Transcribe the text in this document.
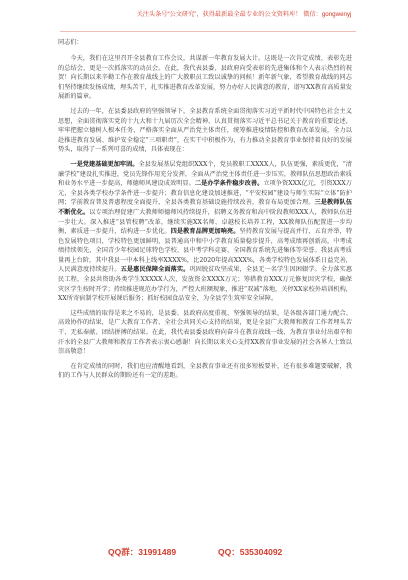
关注头条号“公文研究”，获得最新最全最专业的公文资料库！ 微信：gongwenyj
同志们：

今天，我们在这里召开全县教育工作会议，共谋新一年教育发展大计。这既是一次肯定成绩、表彰先进的总结会，更是一次抓落实的动员会。在此，我代表县委、县政府向受表彰的先进集体和个人表示热烈的祝贺！向长期以来辛勤工作在教育战线上的广大教职员工致以诚挚的问候！新年新气象，希望教育战线的同志们坚持继续发扬成绩，埋头苦干，扎实推进教育改革发展，努力办好人民满意的教育，谱写XX教育高质量发展新的篇章。

过去的一年，在县委县政府的坚强领导下，全县教育系统全面贯彻落实习近平新时代中国特色社会主义思想，全面贯彻落实党的十九大和十九届历次全会精神，认真贯彻落实习近平总书记关于教育的重要论述，牢牢把握立德树人根本任务，严格落实全面从严治党主体责任，统筹推进疫情防控和教育改革发展，全力以赴推进教育发展、维护安全稳定“三项职责”，在实干中积极作为，有力推动全县教育事业保持着良好的发展势头，取得了一系列可喜的成绩，具体表现在：

一是党建基础更加牢固。全县发展基层党组织XXX个，党员教职工XXXX人，队伍更强，素质更优，“清廉学校”建设扎实推进，党员先锋作用充分发挥，全面从严治党主体责任进一步压实，教师队伍思想政治素质和业务水平进一步提高，师德师风建设成效明显。二是办学条件稳步改善。立项争资XXX亿元，引资XXX万元，全县各类学校办学条件进一步提升；教育信息化建设加速推进，“平安校园”建设与师生实际“立体”防护网；学前教育普及普惠程度全面提升，全县各类教育基础设施持续改善，教育布局更加合理。三是教师队伍不断优化。以专项治理促建广大教师师德师风持续提升，招聘义务教育和高中阶段教师XXX人，教师队伍进一步壮大。深入推进“县管校聘”改革，继续实施XX名师、卓越校长培养工程，XX教师队伍配置进一步均衡，素质进一步提升，结构进一步优化。四是教育品牌更加响亮。坚持教育发展与提高并行，五育并举，特色发展特色项目，学校特色更加鲜明，县普通高中和中小学教育质量稳步提升，高考成绩再创新高，中考成绩持续领先，全国青少年校园足球特色学校、县中考学科竞赛、全国教育系统先进集体等荣誉。我县高考质量再上台阶，其中我县一中本科上线率XXXX%，比2020年提高XXX%，各类学校特色发展体系日益完善，人民满意度持续提升。五是惠民保障全面落实。巩固脱贫攻坚成果，全县无一名学生因困辍学。全力落实惠民工程，全县共资助各类学生XXXXX人次，发放资金XXXX万元；筹措教育XXX万元修复因灾学校，确保灾区学生按时开学；持续推进规范办学行为，严控大班额现象，推进“双减”落地，关停XX家校外培训机构，XX所寄宿制学校开展课后服务；抓好校园食品安全，为全县学生筑牢安全屏障。

这些成绩的取得是来之不易的，是县委、县政府高度重视、坚强领导的结果，是各级各部门通力配合、高效协作的结果，是广大教育工作者、全社会共同关心支持的结果，更是全县广大教师和教育工作者埋头苦干、无私奉献、团结拼搏的结果。在此，我代表县委县政府向奋斗在教育战线一线、为教育事业付出艰辛和汗水的全县广大教师和教育工作者表示衷心感谢！向长期以来关心支持XX教育事业发展的社会各界人士致以崇高敬意！

在肯定成绩的同时，我们也应清醒地看到，全县教育事业还有很多短板要补，还有很多难题要破解，我们的工作与人民群众的期盼还有一定的差距。

QQ群：31991489	QQ：535304092
